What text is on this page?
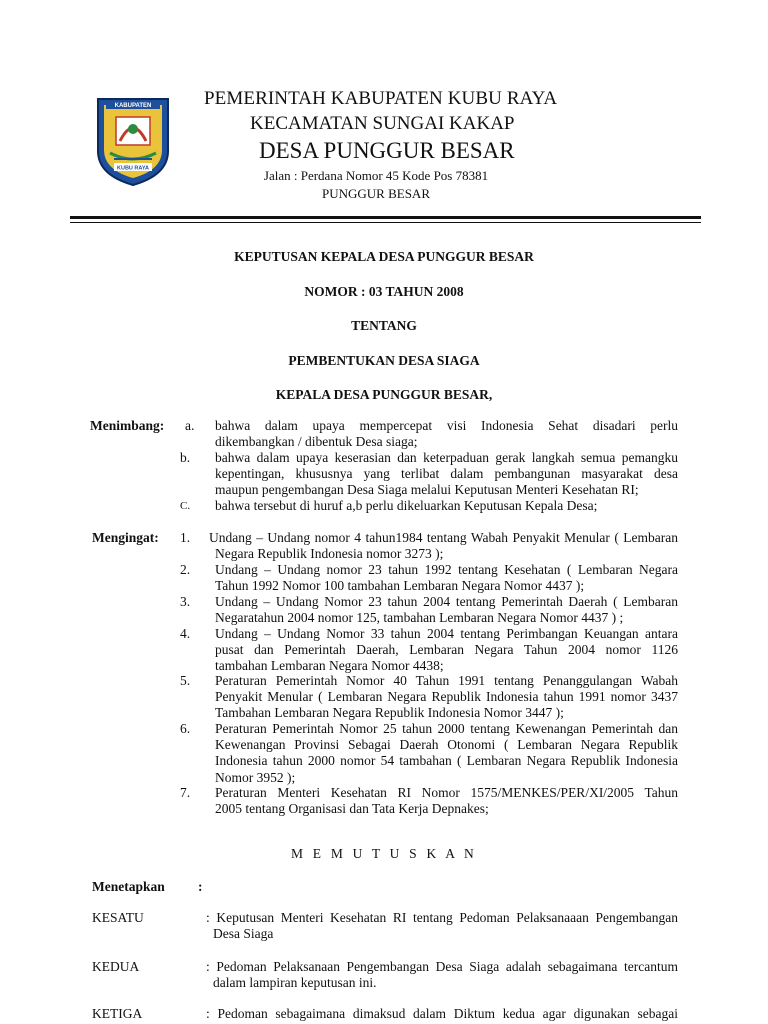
KABUPATEN
KUBU RAYA
PEMERINTAH KABUPATEN KUBU RAYA
KECAMATAN SUNGAI KAKAP
DESA PUNGGUR BESAR
Jalan : Perdana Nomor 45 Kode Pos 78381
PUNGGUR BESAR
KEPUTUSAN KEPALA DESA PUNGGUR BESAR
NOMOR : 03 TAHUN 2008
TENTANG
PEMBENTUKAN DESA SIAGA
KEPALA DESA PUNGGUR BESAR,
Menimbang: a. bahwa dalam upaya mempercepat visi Indonesia Sehat disadari perlu
dikembangkan / dibentuk Desa siaga;
b. bahwa dalam upaya keserasian dan keterpaduan gerak langkah semua pemangku
kepentingan, khususnya yang terlibat dalam pembangunan masyarakat desa
maupun pengembangan Desa Siaga melalui Keputusan Menteri Kesehatan RI;
C. bahwa tersebut di huruf a,b perlu dikeluarkan Keputusan Kepala Desa;
Mengingat: 1. Undang – Undang nomor 4 tahun1984 tentang Wabah Penyakit Menular ( Lembaran
Negara Republik Indonesia nomor 3273 );
2. Undang – Undang nomor 23 tahun 1992 tentang Kesehatan ( Lembaran Negara
Tahun 1992 Nomor 100 tambahan Lembaran Negara Nomor 4437 );
3. Undang – Undang Nomor 23 tahun 2004 tentang Pemerintah Daerah ( Lembaran
Negaratahun 2004 nomor 125, tambahan Lembaran Negara Nomor 4437 ) ;
4. Undang – Undang Nomor 33 tahun 2004 tentang Perimbangan Keuangan antara
pusat dan Pemerintah Daerah, Lembaran Negara Tahun 2004 nomor 1126
tambahan Lembaran Negara Nomor 4438;
5. Peraturan Pemerintah Nomor 40 Tahun 1991 tentang Penanggulangan Wabah
Penyakit Menular ( Lembaran Negara Republik Indonesia tahun 1991 nomor 3437
Tambahan Lembaran Negara Republik Indonesia Nomor 3447 );
6. Peraturan Pemerintah Nomor 25 tahun 2000 tentang Kewenangan Pemerintah dan
Kewenangan Provinsi Sebagai Daerah Otonomi ( Lembaran Negara Republik
Indonesia tahun 2000 nomor 54 tambahan ( Lembaran Negara Republik Indonesia
Nomor 3952 );
7. Peraturan Menteri Kesehatan RI Nomor 1575/MENKES/PER/XI/2005 Tahun
2005 tentang Organisasi dan Tata Kerja Depnakes;
M E M U T U S K A N
Menetapkan :
KESATU	: Keputusan Menteri Kesehatan RI tentang Pedoman Pelaksanaaan Pengembangan
Desa Siaga
KEDUA	: Pedoman Pelaksanaan Pengembangan Desa Siaga adalah sebagaimana tercantum
dalam lampiran keputusan ini.
KETIGA	: Pedoman sebagaimana dimaksud dalam Diktum kedua agar digunakan sebagai
